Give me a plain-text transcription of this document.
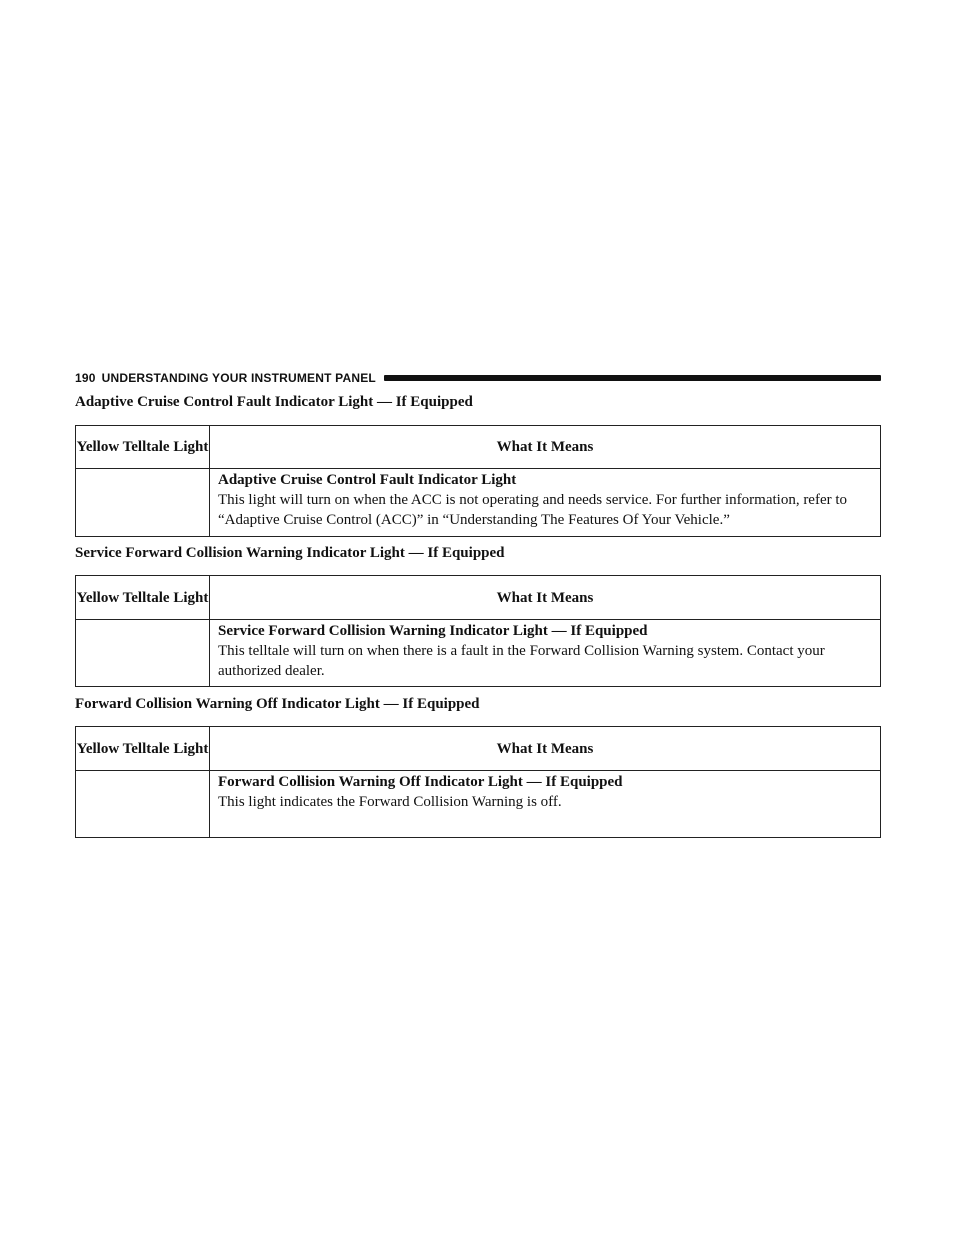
190 UNDERSTANDING YOUR INSTRUMENT PANEL
Adaptive Cruise Control Fault Indicator Light — If Equipped
Yellow Telltale Light	What It Means

	Adaptive Cruise Control Fault Indicator Light
This light will turn on when the ACC is not operating and needs service. For further information, refer to “Adaptive Cruise Control (ACC)” in “Understanding The Features Of Your Vehicle.”
Service Forward Collision Warning Indicator Light — If Equipped
Yellow Telltale Light	What It Means

	Service Forward Collision Warning Indicator Light — If Equipped
This telltale will turn on when there is a fault in the Forward Collision Warning system. Contact your authorized dealer.
Forward Collision Warning Off Indicator Light — If Equipped
Yellow Telltale Light	What It Means

	Forward Collision Warning Off Indicator Light — If Equipped
This light indicates the Forward Collision Warning is off.
